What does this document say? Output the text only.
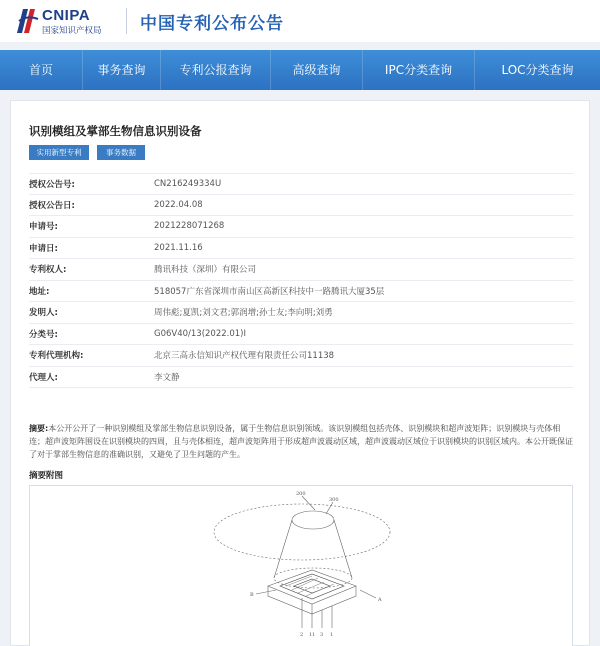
CNIPA
国家知识产权局 中国专利公布公告
首页	事务查询	专利公报查询	高级查询	IPC分类查询	LOC分类查询
识别模组及掌部生物信息识别设备
实用新型专利	事务数据
授权公告号:	CN216249334U
授权公告日:	2022.04.08
申请号:	2021228071268
申请日:	2021.11.16
专利权人:	腾讯科技（深圳）有限公司
地址:	518057广东省深圳市南山区高新区科技中一路腾讯大厦35层
发明人:	周伟彪;夏凯;刘文君;郭润增;孙士友;李向明;刘勇
分类号:	G06V40/13(2022.01)I
专利代理机构:	北京三高永信知识产权代理有限责任公司11138
代理人:	李文静
摘要:本公开公开了一种识别模组及掌部生物信息识别设备，属于生物信息识别领域。该识别模组包括壳体、识别模块和超声波矩阵；识别模块与壳体相连；超声波矩阵围设在识别模块的四周，且与壳体相连，超声波矩阵用于形成超声波震动区域，超声波震动区域位于识别模块的识别区域内。本公开既保证了对于掌部生物信息的准确识别，又避免了卫生问题的产生。
摘要附图
200
300
B
A
2 11 3 1
